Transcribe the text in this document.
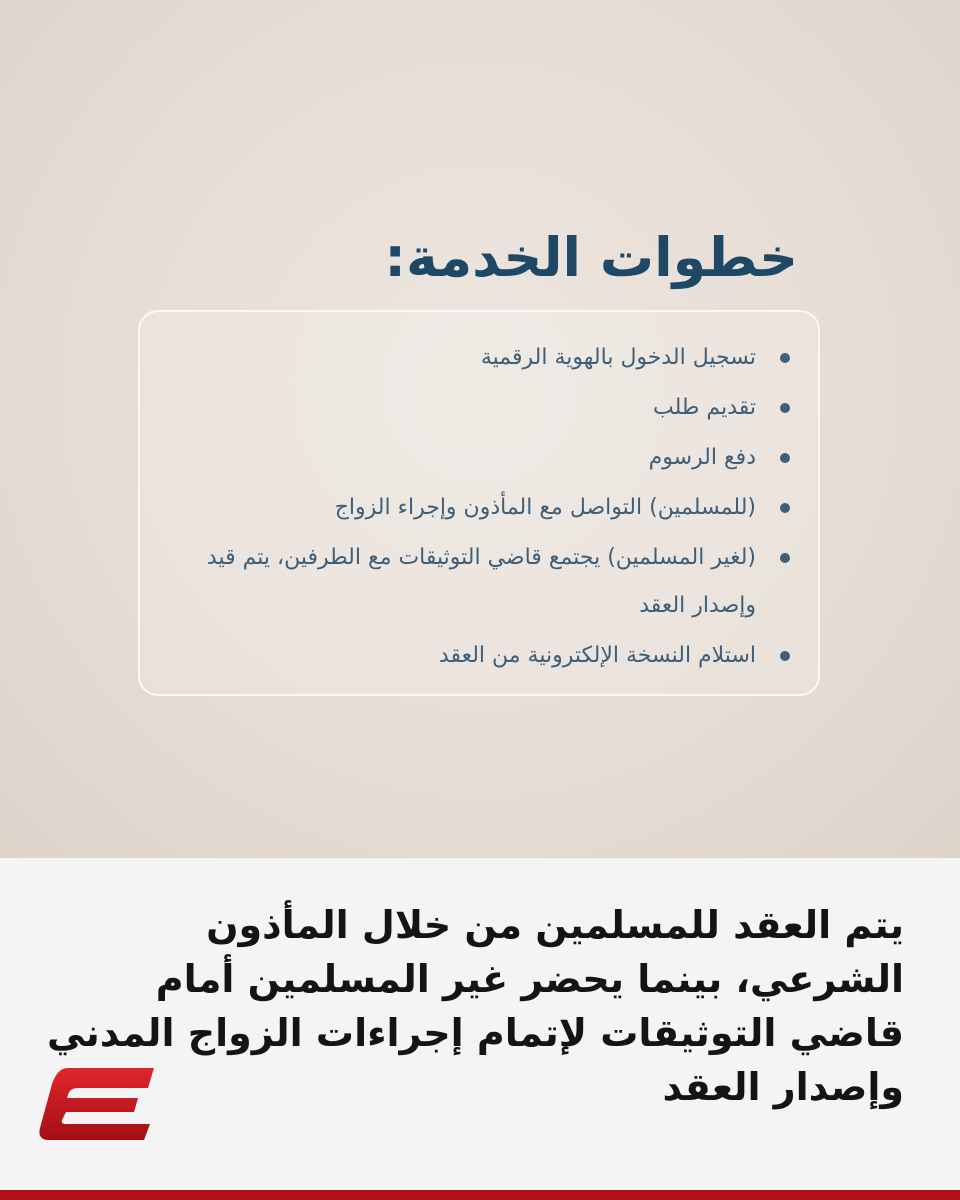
خطوات الخدمة:
تسجيل الدخول بالهوية الرقمية
تقديم طلب
دفع الرسوم
(للمسلمين) التواصل مع المأذون وإجراء الزواج
(لغير المسلمين) يجتمع قاضي التوثيقات مع الطرفين، يتم قيد وإصدار العقد
استلام النسخة الإلكترونية من العقد

يتم العقد للمسلمين من خلال المأذون الشرعي، بينما يحضر غير المسلمين أمام قاضي التوثيقات لإتمام إجراءات الزواج المدني وإصدار العقد
